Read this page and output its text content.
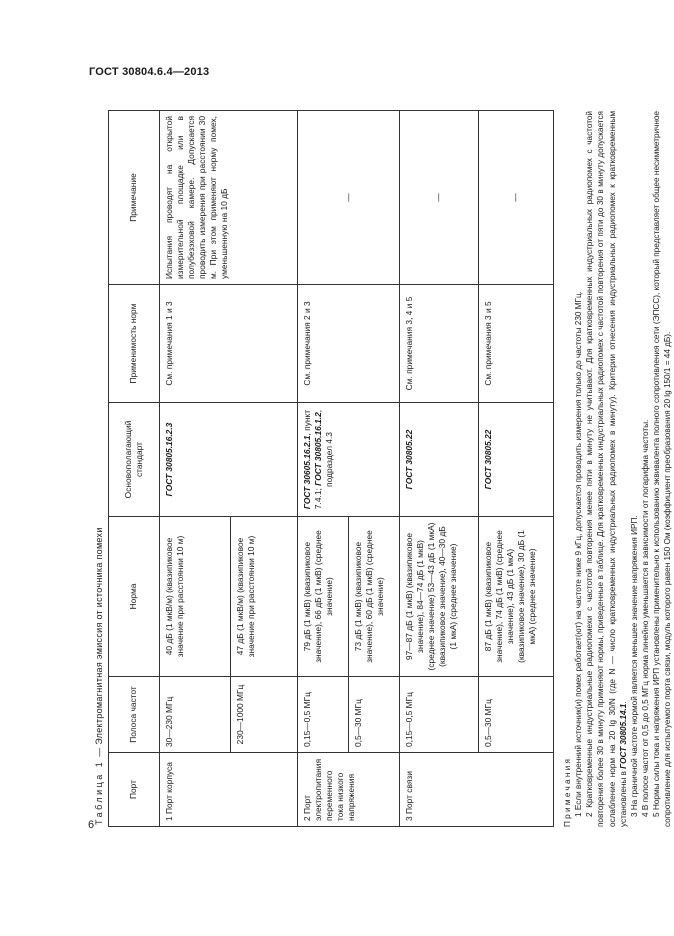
ГОСТ 30804.6.4—2013
Таблица 1 — Электромагнитная эмиссия от источника помехи
Порт	Полоса частот	Норма	Основополагающий стандарт	Применимость норм	Примечание
1 Порт корпуса	30—230 МГц	40 дБ (1 мкВ/м) (квазипиковое значение при расстоянии 10 м)	ГОСТ 30805.16.2.3	См. примечания 1 и 3	Испытания проводят на открытой измерительной площадке или в полубезэховой камере. Допускается проводить измерения при расстоянии 30 м. При этом применяют норму помех, уменьшенную на 10 дБ
	230—1000 МГц	47 дБ (1 мкВ/м) (квазипиковое значение при расстоянии 10 м)			
2 Порт электропитания переменного тока низкого напряжения	0,15—0,5 МГц	79 дБ (1 мкВ) (квазипиковое значение), 66 дБ (1 мкВ) (среднее значение)	ГОСТ 30605.16.2.1, пункт 7.4.1; ГОСТ 30805.16.1.2, подраздел 4.3	См. примечания 2 и 3	—
	0,5—30 МГц	73 дБ (1 мкВ) (квазипиковое значение), 60 дБ (1 мкВ) (среднее значение)			
3 Порт связи	0,15—0,5 МГц	97—87 дБ (1 мкВ) (квазипиковое значение), 84—74 дБ (1 мкВ) (среднее значение) 53—43 дБ (1 мкА) (квазипиковое значение), 40—30 дБ (1 мкА) (среднее значение)	ГОСТ 30805.22	См. примечания 3, 4 и 5	—
	0,5—30 МГц	87 дБ (1 мкВ) (квазипиковое значение), 74 дБ (1 мкВ) (среднее значение), 43 дБ (1 мкА) (квазипиковое значение), 30 дБ (1 мкА) (среднее значение)	ГОСТ 30805.22	См. примечания 3 и 5	—
Примечания 1 Если внутренний источник(и) помех работает(ют) на частоте ниже 9 кГц, допускается проводить измерения только до частоты 230 МГц. 2 Кратковременные индустриальные радиопомехи с частотой повторения менее пяти в минуту не учитывают. Для кратковременных индустриальных радиопомех с частотой повторения более 30 в минуту применяют нормы, приведенные в таблице. Для кратковременных индустриальных радиопомех с частотой повторения от пяти до 30 в минуту допускается ослабление норм на 20 lg 30/N (где N — число кратковременных индустриальных радиопомех в минуту). Критерии отнесения индустриальных радиопомех к кратковременным установлены в ГОСТ 30805.14.1. 3 На граничной частоте нормой является меньшее значение напряжения ИРП. 4 В полосе частот от 0,5 до 0,5 МГц норма линейно уменьшается в зависимости от логарифма частоты. 5 Нормы силы тока и напряжения ИРП установлены применительно к использованию эквивалента полного сопротивления сети (ЭПСС), который представляет общее несимметричное сопротивление для испытуемого порта связи, модуль которого равен 150 Ом (коэффициент преобразования 20 lg 150/1 = 44 дБ).

6
